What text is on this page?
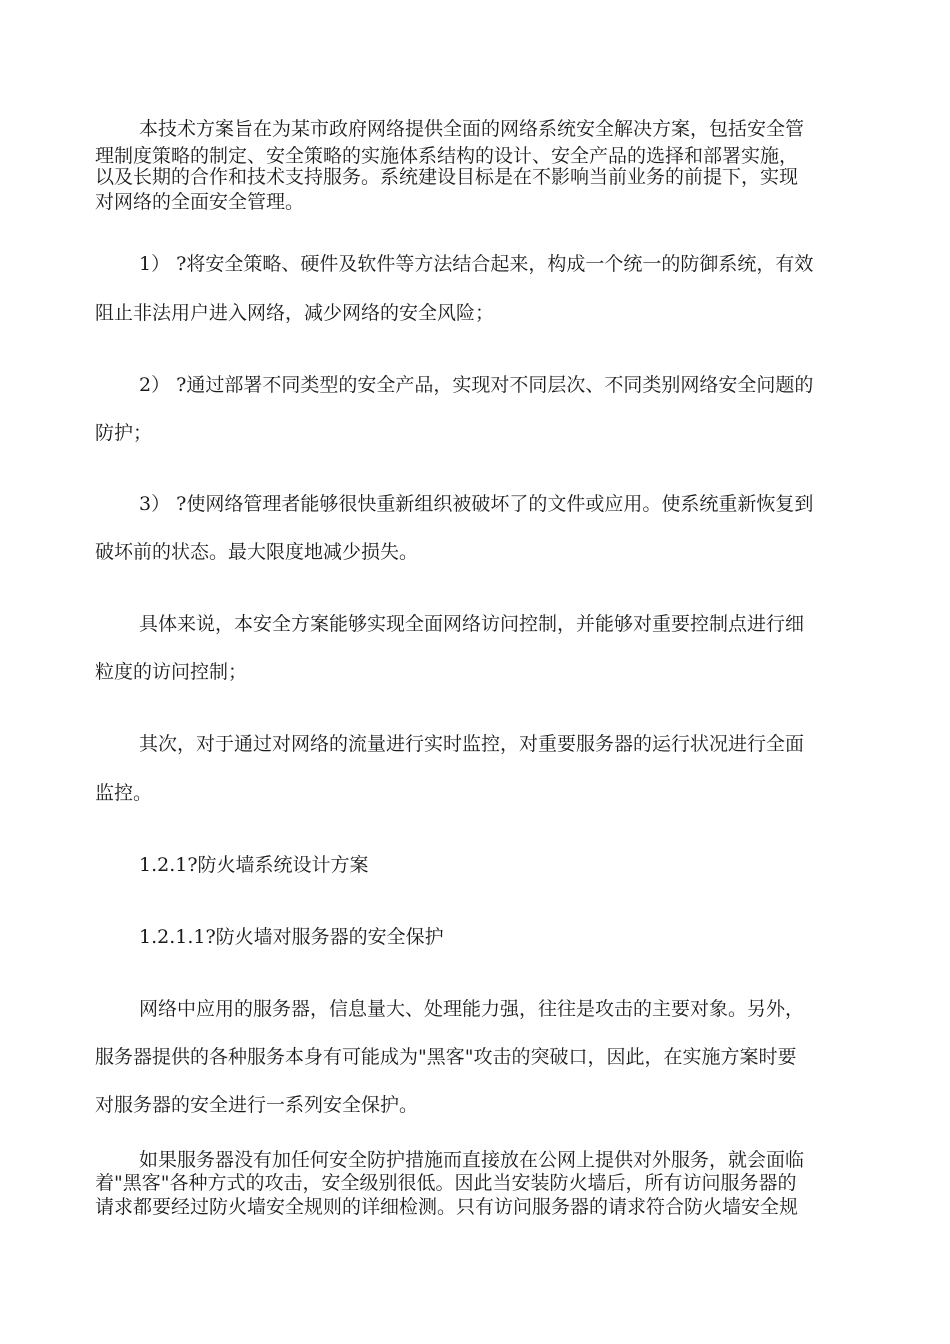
本技术方案旨在为某市政府网络提供全面的网络系统安全解决方案，包括安全管
理制度策略的制定、安全策略的实施体系结构的设计、安全产品的选择和部署实施，
以及长期的合作和技术支持服务。系统建设目标是在不影响当前业务的前提下，实现
对网络的全面安全管理。
1） ?将安全策略、硬件及软件等方法结合起来，构成一个统一的防御系统，有效
阻止非法用户进入网络，减少网络的安全风险；
2） ?通过部署不同类型的安全产品，实现对不同层次、不同类别网络安全问题的
防护；
3） ?使网络管理者能够很快重新组织被破坏了的文件或应用。使系统重新恢复到
破坏前的状态。最大限度地减少损失。
具体来说，本安全方案能够实现全面网络访问控制，并能够对重要控制点进行细
粒度的访问控制；
其次，对于通过对网络的流量进行实时监控，对重要服务器的运行状况进行全面
监控。
1.2.1?防火墙系统设计方案
1.2.1.1?防火墙对服务器的安全保护
网络中应用的服务器，信息量大、处理能力强，往往是攻击的主要对象。另外，
服务器提供的各种服务本身有可能成为"黑客"攻击的突破口，因此，在实施方案时要
对服务器的安全进行一系列安全保护。
如果服务器没有加任何安全防护措施而直接放在公网上提供对外服务，就会面临
着"黑客"各种方式的攻击，安全级别很低。因此当安装防火墙后，所有访问服务器的
请求都要经过防火墙安全规则的详细检测。只有访问服务器的请求符合防火墙安全规
